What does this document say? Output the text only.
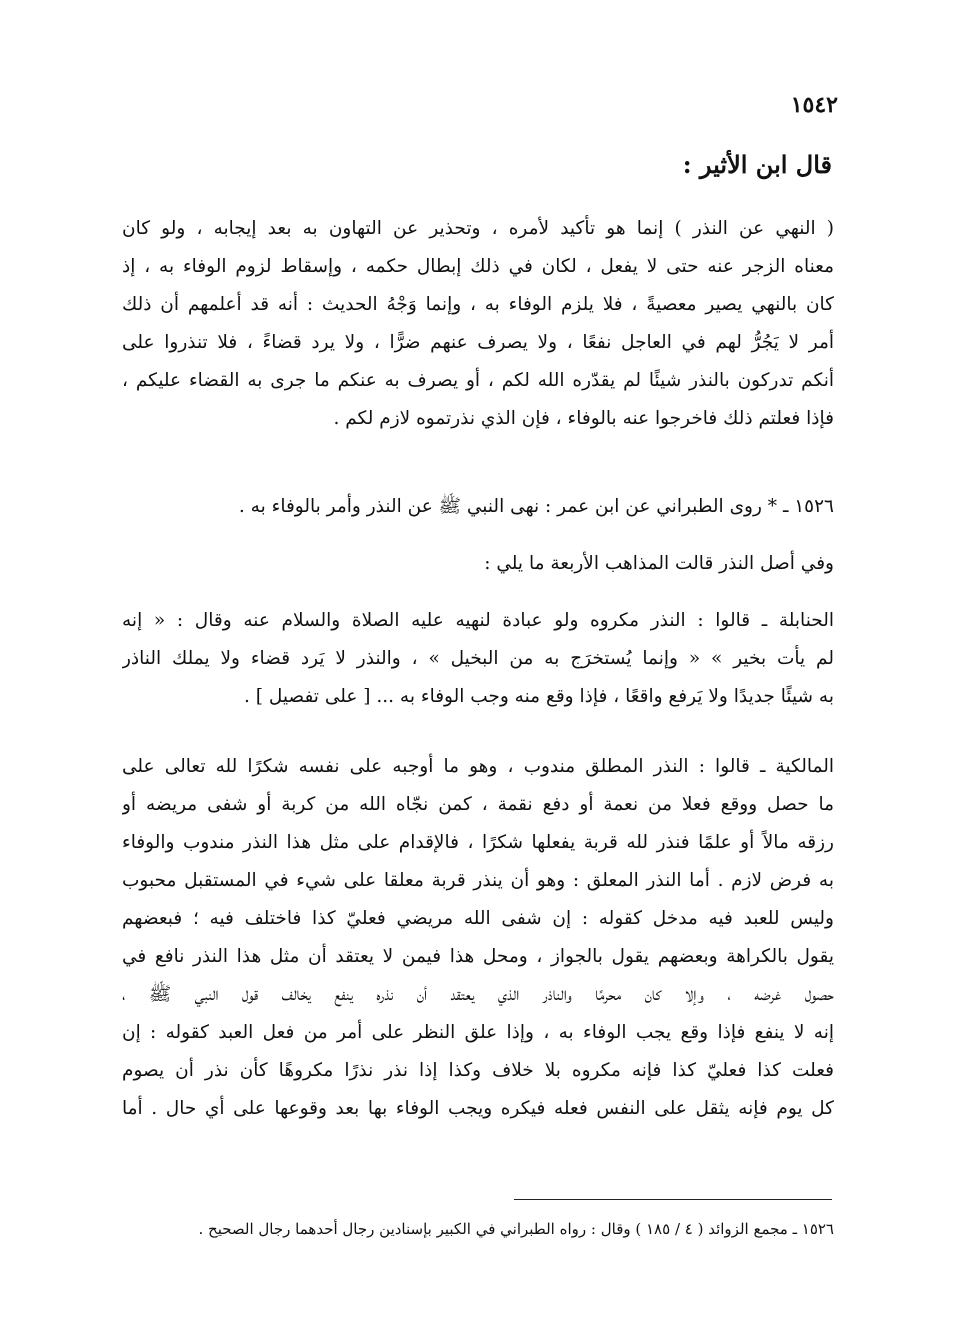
١٥٤٢
قال ابن الأثير :
( النهي عن النذر ) إنما هو تأكيد لأمره ، وتحذير عن التهاون به بعد إيجابه ، ولو كان
معناه الزجر عنه حتى لا يفعل ، لكان في ذلك إبطال حكمه ، وإسقاط لزوم الوفاء به ، إذ
كان بالنهي يصير معصيةً ، فلا يلزم الوفاء به ، وإنما وَجْهُ الحديث : أنه قد أعلمهم أن ذلك
أمر لا يَجُرُّ لهم في العاجل نفعًا ، ولا يصرف عنهم ضرًّا ، ولا يرد قضاءً ، فلا تنذروا على
أنكم تدركون بالنذر شيئًا لم يقدّره الله لكم ، أو يصرف به عنكم ما جرى به القضاء عليكم ،
فإذا فعلتم ذلك فاخرجوا عنه بالوفاء ، فإن الذي نذرتموه لازم لكم .
١٥٢٦ ـ * روى الطبراني عن ابن عمر : نهى النبي ﷺ عن النذر وأمر بالوفاء به .
وفي أصل النذر قالت المذاهب الأربعة ما يلي :
الحنابلة ـ قالوا : النذر مكروه ولو عبادة لنهيه عليه الصلاة والسلام عنه وقال : « إنه
لم يأت بخير » « وإنما يُستخرَج به من البخيل » ، والنذر لا يَرد قضاء ولا يملك الناذر
به شيئًا جديدًا ولا يَرفع واقعًا ، فإذا وقع منه وجب الوفاء به ... [ على تفصيل ] .
المالكية ـ قالوا : النذر المطلق مندوب ، وهو ما أوجبه على نفسه شكرًا لله تعالى على
ما حصل ووقع فعلا من نعمة أو دفع نقمة ، كمن نجّاه الله من كربة أو شفى مريضه أو
رزقه مالاً أو علمًا فنذر لله قربة يفعلها شكرًا ، فالإقدام على مثل هذا النذر مندوب والوفاء
به فرض لازم . أما النذر المعلق : وهو أن ينذر قربة معلقا على شيء في المستقبل محبوب
وليس للعبد فيه مدخل كقوله : إن شفى الله مريضي فعليّ كذا فاختلف فيه ؛ فبعضهم
يقول بالكراهة وبعضهم يقول بالجواز ، ومحل هذا فيمن لا يعتقد أن مثل هذا النذر نافع في
حصول غرضه ، وإلا كان محرمًا والناذر الذي يعتقد أن نذره ينفع يخالف قول النبي ﷺ ،
إنه لا ينفع فإذا وقع يجب الوفاء به ، وإذا علق النظر على أمر من فعل العبد كقوله : إن
فعلت كذا فعليّ كذا فإنه مكروه بلا خلاف وكذا إذا نذر نذرًا مكروهًا كأن نذر أن يصوم
كل يوم فإنه يثقل على النفس فعله فيكره ويجب الوفاء بها بعد وقوعها على أي حال . أما
١٥٢٦ ـ مجمع الزوائد ( ٤ / ١٨٥ ) وقال : رواه الطبراني في الكبير بإسنادين رجال أحدهما رجال الصحيح .
